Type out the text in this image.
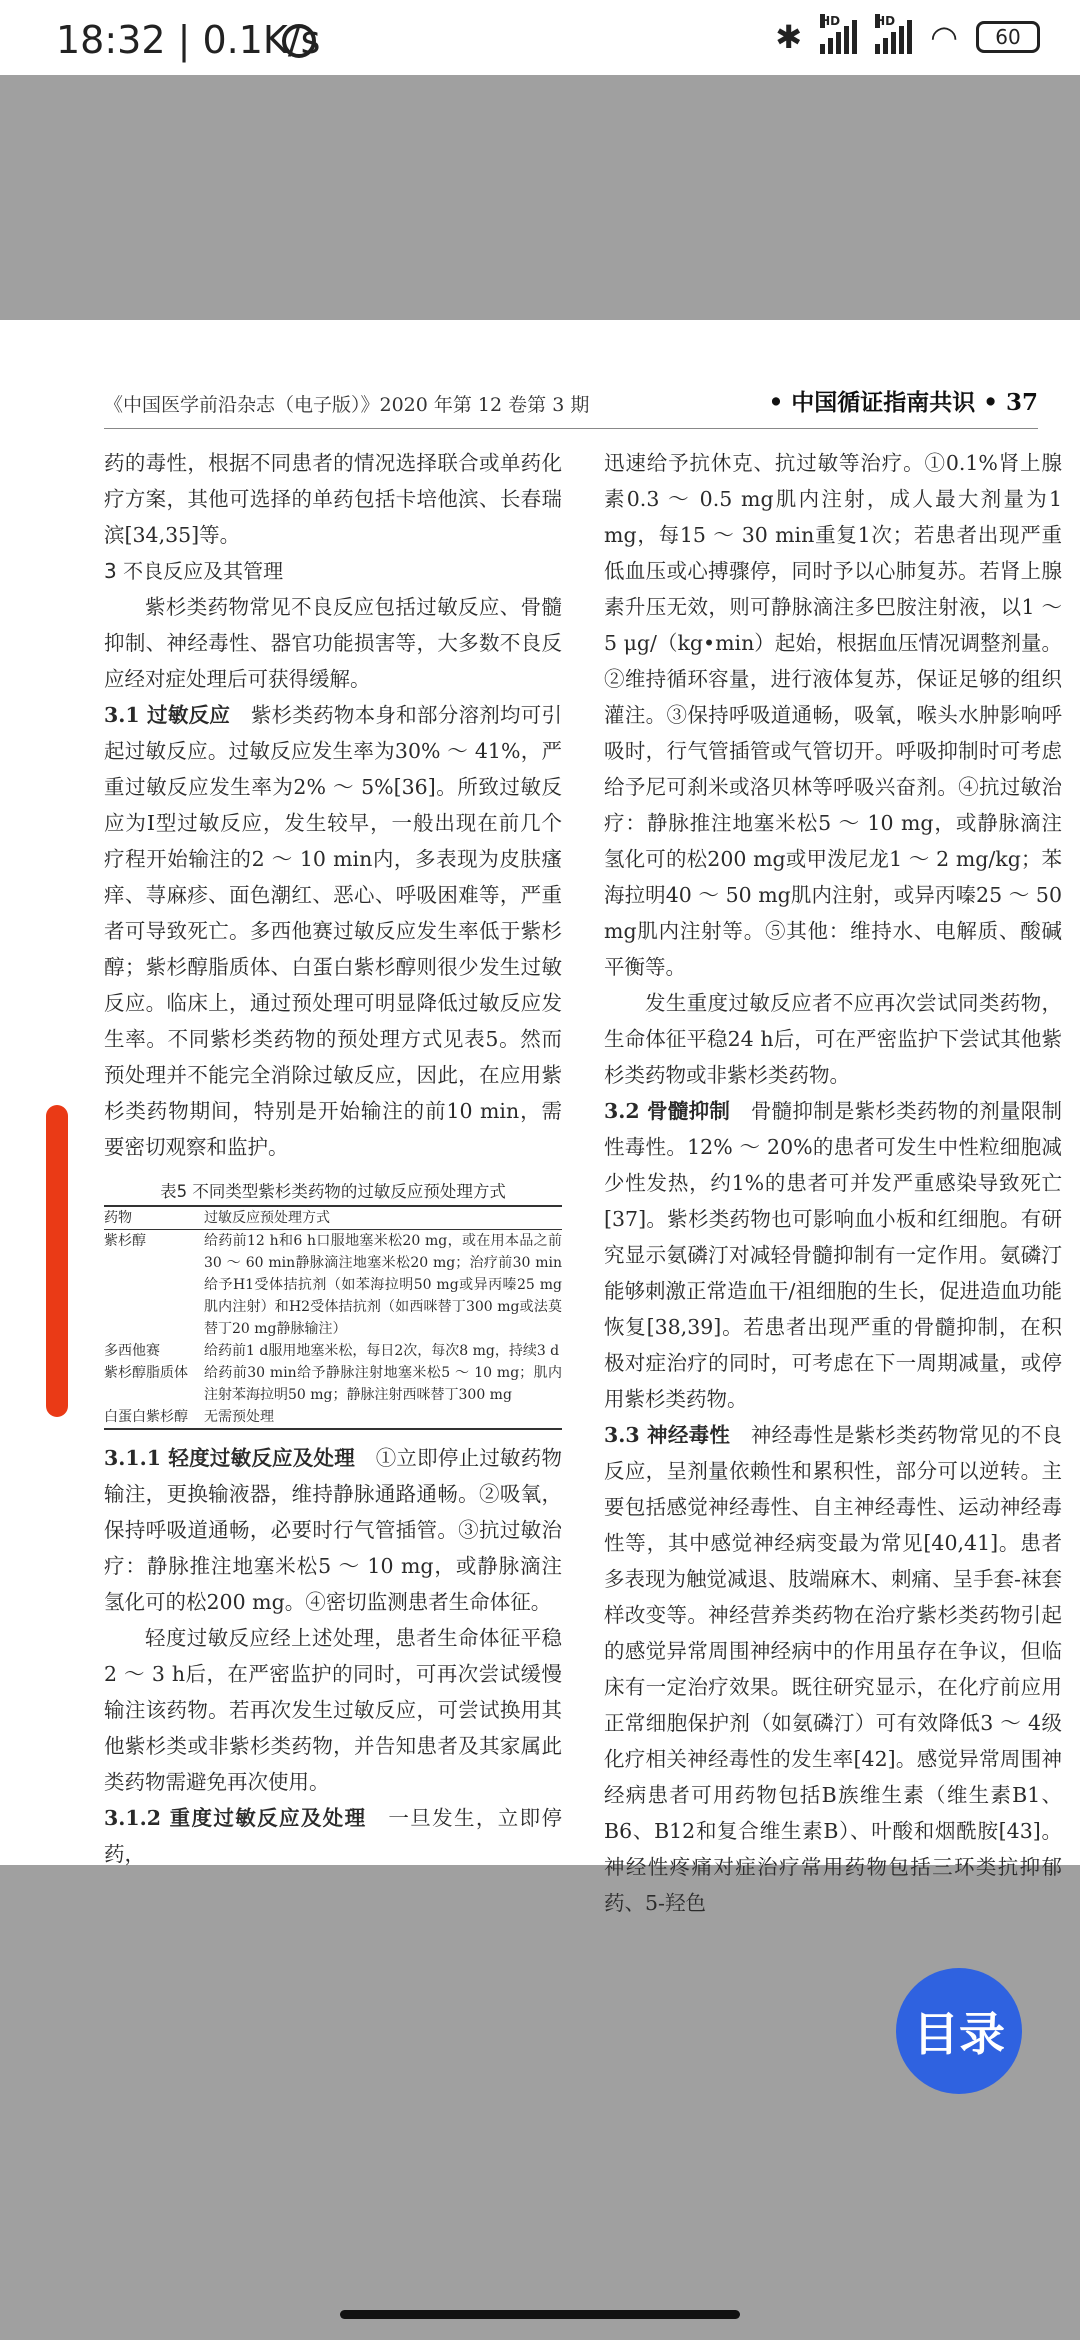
18:32 | 0.1K/s	✱ HD	HD ◠	60
《中国医学前沿杂志（电子版）》2020 年第 12 卷第 3 期	• 中国循证指南共识 • 37

药的毒性，根据不同患者的情况选择联合或单药化疗方案，其他可选择的单药包括卡培他滨、长春瑞滨[34,35]等。

3 不良反应及其管理

紫杉类药物常见不良反应包括过敏反应、骨髓抑制、神经毒性、器官功能损害等，大多数不良反应经对症处理后可获得缓解。

3.1 过敏反应　 紫杉类药物本身和部分溶剂均可引起过敏反应。过敏反应发生率为30% ～ 41%，严重过敏反应发生率为2% ～ 5%[36]。所致过敏反应为Ⅰ型过敏反应，发生较早，一般出现在前几个疗程开始输注的2 ～ 10 min内，多表现为皮肤瘙痒、荨麻疹、面色潮红、恶心、呼吸困难等，严重者可导致死亡。多西他赛过敏反应发生率低于紫杉醇；紫杉醇脂质体、白蛋白紫杉醇则很少发生过敏反应。临床上，通过预处理可明显降低过敏反应发生率。不同紫杉类药物的预处理方式见表5。然而预处理并不能完全消除过敏反应，因此，在应用紫杉类药物期间，特别是开始输注的前10 min，需要密切观察和监护。

表5 不同类型紫杉类药物的过敏反应预处理方式
药物	过敏反应预处理方式
紫杉醇	给药前12 h和6 h口服地塞米松20 mg，或在用本品之前30 ～ 60 min静脉滴注地塞米松20 mg；治疗前30 min给予H1受体拮抗剂（如苯海拉明50 mg或异丙嗪25 mg肌内注射）和H2受体拮抗剂（如西咪替丁300 mg或法莫替丁20 mg静脉输注）
多西他赛	给药前1 d服用地塞米松，每日2次，每次8 mg，持续3 d
紫杉醇脂质体	给药前30 min给予静脉注射地塞米松5 ～ 10 mg；肌内注射苯海拉明50 mg；静脉注射西咪替丁300 mg
白蛋白紫杉醇	无需预处理

3.1.1 轻度过敏反应及处理　 ①立即停止过敏药物输注，更换输液器，维持静脉通路通畅。②吸氧，保持呼吸道通畅，必要时行气管插管。③抗过敏治疗：静脉推注地塞米松5 ～ 10 mg，或静脉滴注氢化可的松200 mg。④密切监测患者生命体征。

轻度过敏反应经上述处理，患者生命体征平稳2 ～ 3 h后，在严密监护的同时，可再次尝试缓慢输注该药物。若再次发生过敏反应，可尝试换用其他紫杉类或非紫杉类药物，并告知患者及其家属此类药物需避免再次使用。

3.1.2 重度过敏反应及处理　 一旦发生，立即停药，

迅速给予抗休克、抗过敏等治疗。①0.1%肾上腺素0.3 ～ 0.5 mg肌内注射，成人最大剂量为1 mg，每15 ～ 30 min重复1次；若患者出现严重低血压或心搏骤停，同时予以心肺复苏。若肾上腺素升压无效，则可静脉滴注多巴胺注射液，以1 ～ 5 μg/（kg•min）起始，根据血压情况调整剂量。②维持循环容量，进行液体复苏，保证足够的组织灌注。③保持呼吸道通畅，吸氧，喉头水肿影响呼吸时，行气管插管或气管切开。呼吸抑制时可考虑给予尼可刹米或洛贝林等呼吸兴奋剂。④抗过敏治疗：静脉推注地塞米松5 ～ 10 mg，或静脉滴注氢化可的松200 mg或甲泼尼龙1 ～ 2 mg/kg；苯海拉明40 ～ 50 mg肌内注射，或异丙嗪25 ～ 50 mg肌内注射等。⑤其他：维持水、电解质、酸碱平衡等。

发生重度过敏反应者不应再次尝试同类药物，生命体征平稳24 h后，可在严密监护下尝试其他紫杉类药物或非紫杉类药物。

3.2 骨髓抑制　 骨髓抑制是紫杉类药物的剂量限制性毒性。12% ～ 20%的患者可发生中性粒细胞减少性发热，约1%的患者可并发严重感染导致死亡[37]。紫杉类药物也可影响血小板和红细胞。有研究显示氨磷汀对减轻骨髓抑制有一定作用。氨磷汀能够刺激正常造血干/祖细胞的生长，促进造血功能恢复[38,39]。若患者出现严重的骨髓抑制，在积极对症治疗的同时，可考虑在下一周期减量，或停用紫杉类药物。

3.3 神经毒性　 神经毒性是紫杉类药物常见的不良反应，呈剂量依赖性和累积性，部分可以逆转。主要包括感觉神经毒性、自主神经毒性、运动神经毒性等，其中感觉神经病变最为常见[40,41]。患者多表现为触觉减退、肢端麻木、刺痛、呈手套-袜套样改变等。神经营养类药物在治疗紫杉类药物引起的感觉异常周围神经病中的作用虽存在争议，但临床有一定治疗效果。既往研究显示，在化疗前应用正常细胞保护剂（如氨磷汀）可有效降低3 ～ 4级化疗相关神经毒性的发生率[42]。感觉异常周围神经病患者可用药物包括B族维生素（维生素B1、B6、B12和复合维生素B）、叶酸和烟酰胺[43]。神经性疼痛对症治疗常用药物包括三环类抗抑郁药、5-羟色

目录
